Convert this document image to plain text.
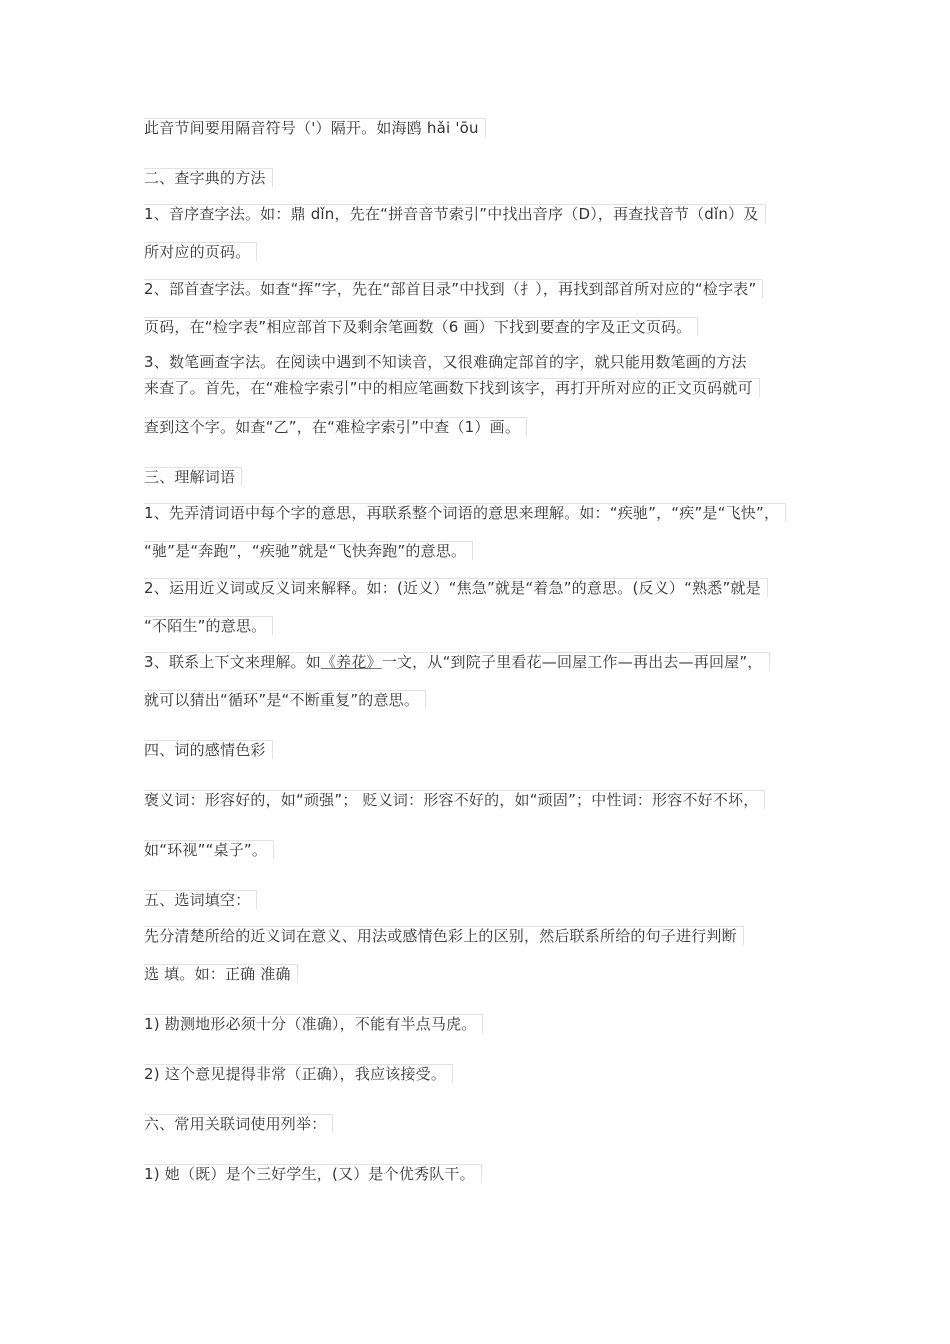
此音节间要用隔音符号（'）隔开。如海鸥 hǎi 'ōu
二、查字典的方法
1、音序查字法。如：鼎 dǐn，先在“拼音音节索引”中找出音序（D），再查找音节（dǐn）及
所对应的页码。
2、部首查字法。如查“挥”字，先在“部首目录”中找到（扌），再找到部首所对应的“检字表”
页码，在“检字表”相应部首下及剩余笔画数（6 画）下找到要查的字及正文页码。
3、数笔画查字法。在阅读中遇到不知读音，又很难确定部首的字，就只能用数笔画的方法
来查了。首先，在“难检字索引”中的相应笔画数下找到该字，再打开所对应的正文页码就可
查到这个字。如查“乙”，在“难检字索引”中查（1）画。
三、理解词语
1、先弄清词语中每个字的意思，再联系整个词语的意思来理解。如：“疾驰”，“疾”是“飞快”，
“驰”是“奔跑”，“疾驰”就是“飞快奔跑”的意思。
2、运用近义词或反义词来解释。如：(近义）“焦急”就是“着急”的意思。(反义）“熟悉”就是
“不陌生”的意思。
3、联系上下文来理解。如《养花》一文，从“到院子里看花—回屋工作—再出去—再回屋”，
就可以猜出“循环”是“不断重复”的意思。
四、词的感情色彩
褒义词：形容好的，如“顽强”； 贬义词：形容不好的，如“顽固”；中性词：形容不好不坏，
如“环视”“桌子”。
五、选词填空：
先分清楚所给的近义词在意义、用法或感情色彩上的区别，然后联系所给的句子进行判断
选 填。如：正确 准确
1) 勘测地形必须十分（准确），不能有半点马虎。
2) 这个意见提得非常（正确），我应该接受。
六、常用关联词使用列举：
1) 她（既）是个三好学生，(又）是个优秀队干。
